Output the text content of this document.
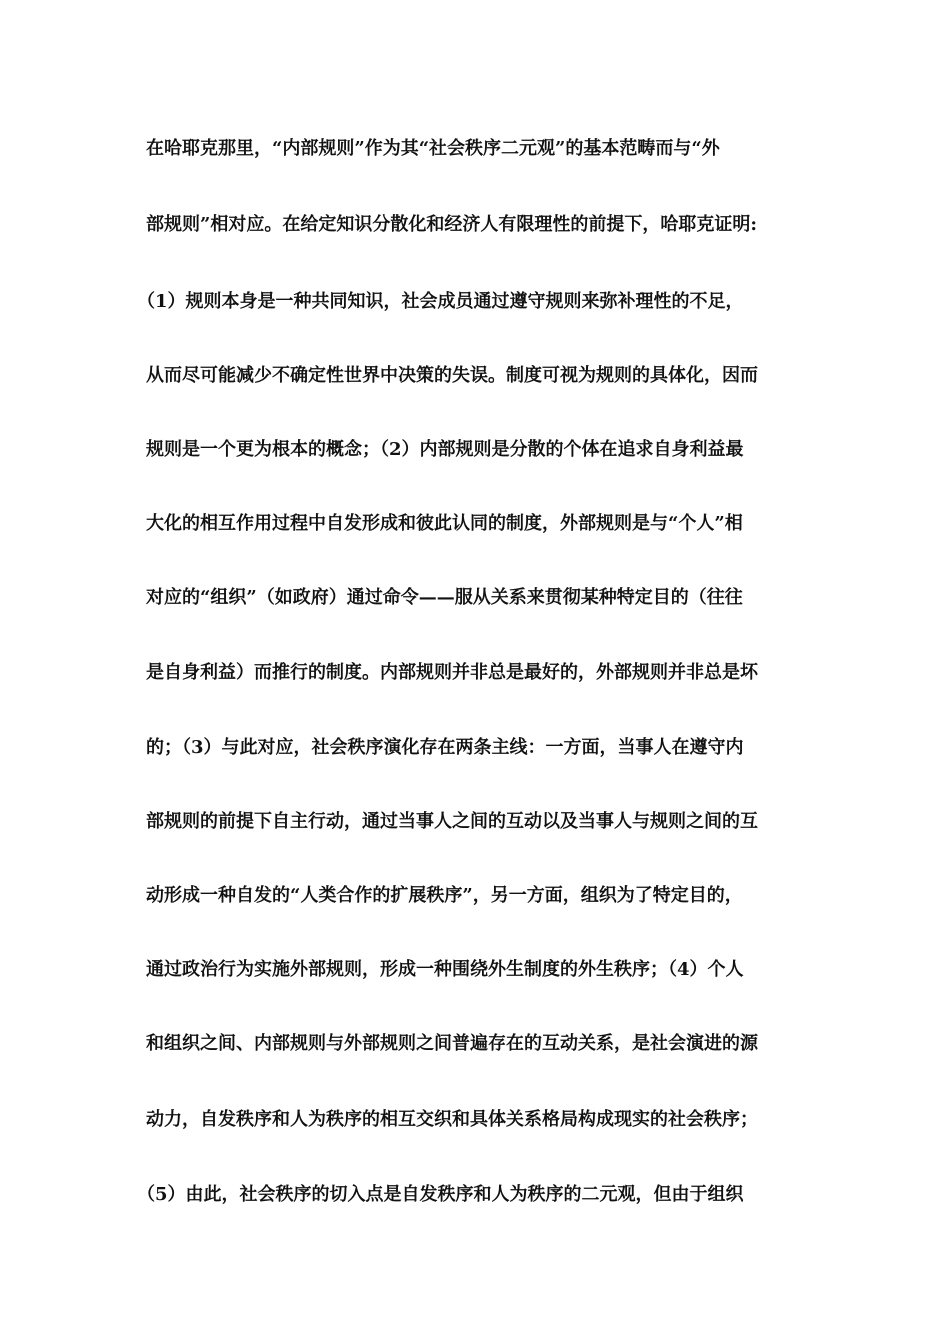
在哈耶克那里，“内部规则”作为其“社会秩序二元观”的基本范畴而与“外
部规则”相对应。在给定知识分散化和经济人有限理性的前提下，哈耶克证明:
（1）规则本身是一种共同知识，社会成员通过遵守规则来弥补理性的不足，
从而尽可能减少不确定性世界中决策的失误。制度可视为规则的具体化，因而
规则是一个更为根本的概念；（2）内部规则是分散的个体在追求自身利益最
大化的相互作用过程中自发形成和彼此认同的制度，外部规则是与“个人”相
对应的“组织”（如政府）通过命令——服从关系来贯彻某种特定目的（往往
是自身利益）而推行的制度。内部规则并非总是最好的，外部规则并非总是坏
的；（3）与此对应，社会秩序演化存在两条主线：一方面，当事人在遵守内
部规则的前提下自主行动，通过当事人之间的互动以及当事人与规则之间的互
动形成一种自发的“人类合作的扩展秩序”，另一方面，组织为了特定目的，
通过政治行为实施外部规则，形成一种围绕外生制度的外生秩序；（4）个人
和组织之间、内部规则与外部规则之间普遍存在的互动关系，是社会演进的源
动力，自发秩序和人为秩序的相互交织和具体关系格局构成现实的社会秩序；
（5）由此，社会秩序的切入点是自发秩序和人为秩序的二元观，但由于组织
